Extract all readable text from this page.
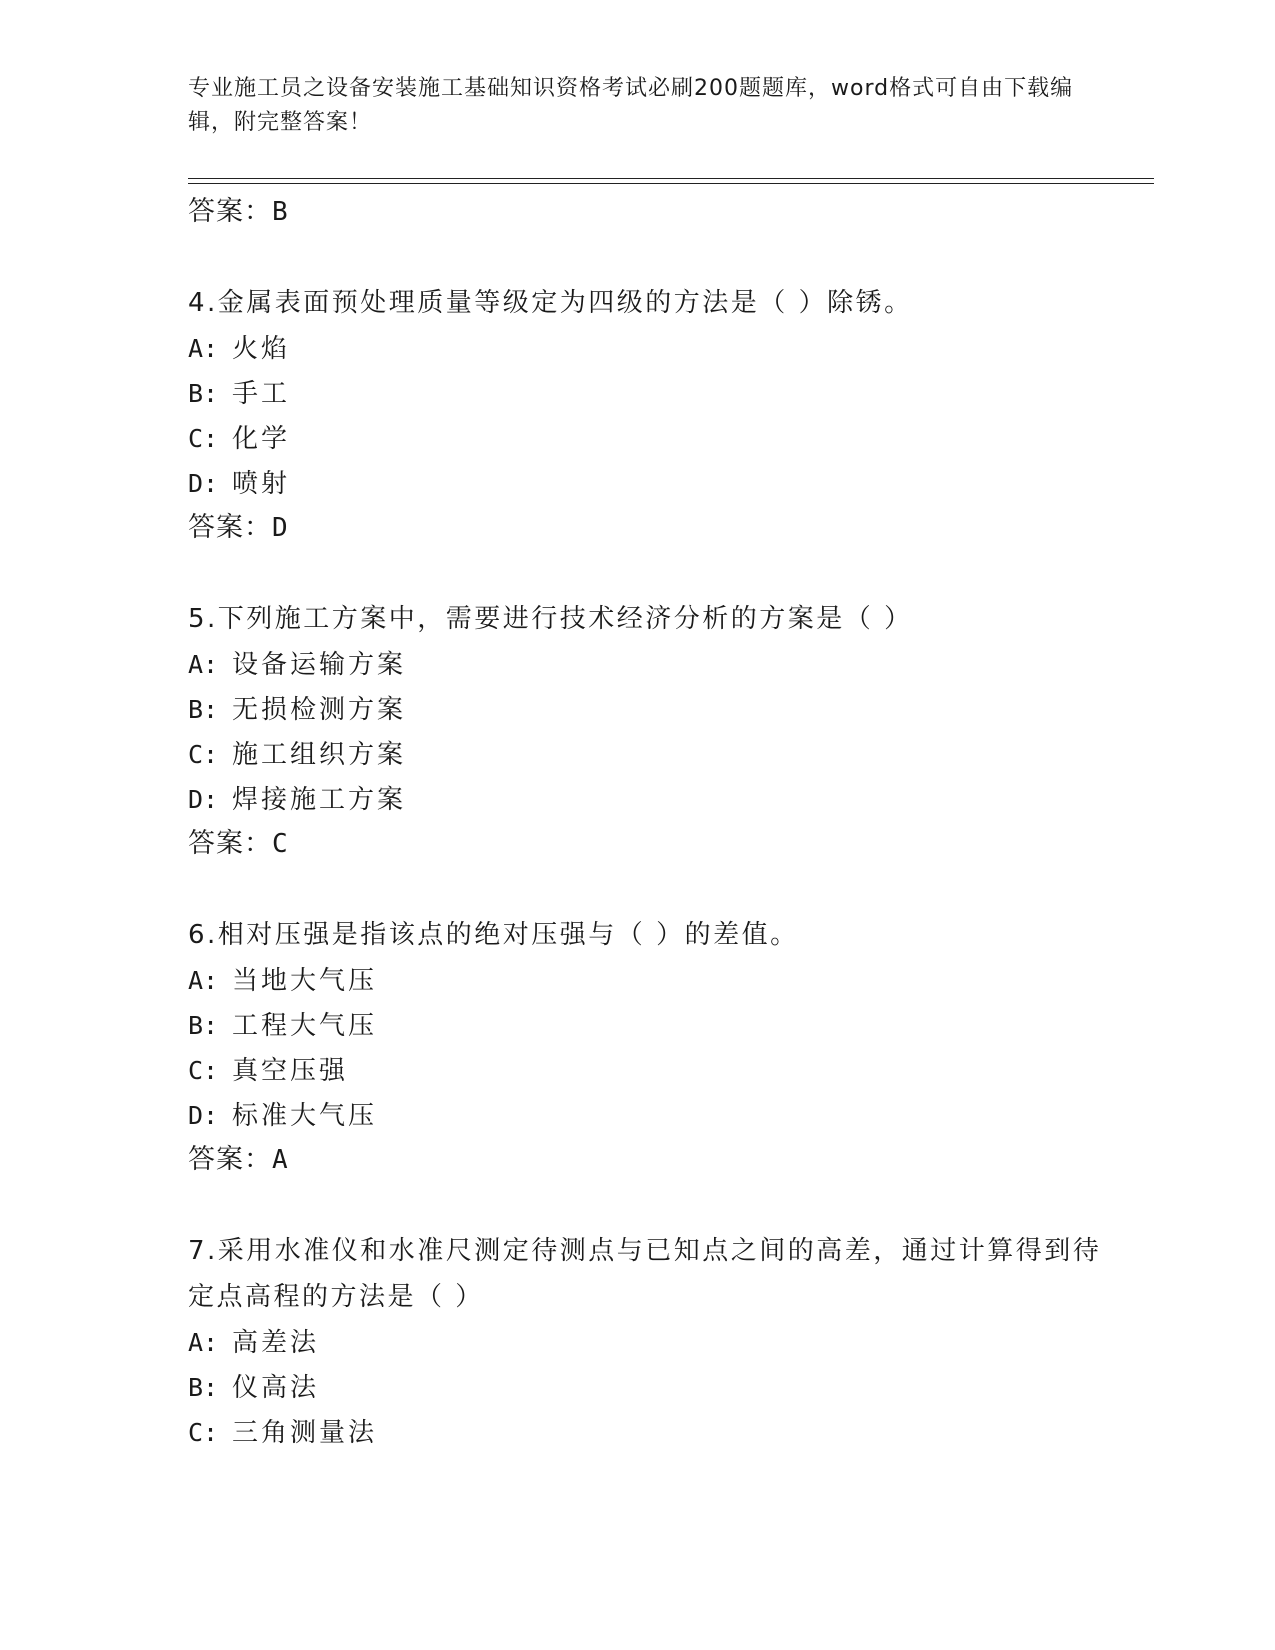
专业施工员之设备安装施工基础知识资格考试必刷200题题库，word格式可自由下载编辑，附完整答案！

答案：B

4.金属表面预处理质量等级定为四级的方法是（ ）除锈。

A: 火焰

B: 手工

C: 化学

D: 喷射

答案：D

5.下列施工方案中，需要进行技术经济分析的方案是（ ）

A: 设备运输方案

B: 无损检测方案

C: 施工组织方案

D: 焊接施工方案

答案：C

6.相对压强是指该点的绝对压强与（ ）的差值。

A: 当地大气压

B: 工程大气压

C: 真空压强

D: 标准大气压

答案：A

7.采用水准仪和水准尺测定待测点与已知点之间的高差，通过计算得到待定点高程的方法是（ ）

A: 高差法

B: 仪高法

C: 三角测量法
